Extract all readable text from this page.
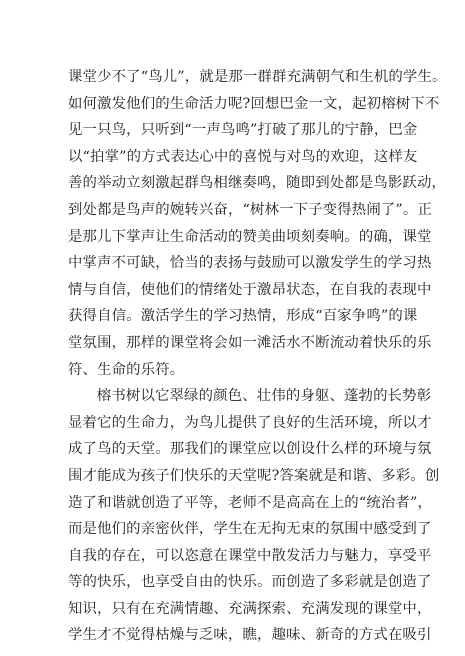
课堂少不了“鸟儿”，就是那一群群充满朝气和生机的学生。
如何激发他们的生命活力呢?回想巴金一文，起初榕树下不
见一只鸟，只听到“一声鸟鸣”打破了那儿的宁静，巴金
以“拍掌”的方式表达心中的喜悦与对鸟的欢迎，这样友
善的举动立刻激起群鸟相继奏鸣，随即到处都是鸟影跃动，
到处都是鸟声的婉转兴奋，“树林一下子变得热闹了”。正
是那儿下掌声让生命活动的赞美曲顷刻奏响。的确，课堂
中掌声不可缺，恰当的表扬与鼓励可以激发学生的学习热
情与自信，使他们的情绪处于激昂状态，在自我的表现中
获得自信。激活学生的学习热情，形成“百家争鸣”的课
堂氛围，那样的课堂将会如一滩活水不断流动着快乐的乐
符、生命的乐符。

榕书树以它翠绿的颜色、壮伟的身躯、蓬勃的长势彰
显着它的生命力，为鸟儿提供了良好的生活环境，所以才
成了鸟的天堂。那我们的课堂应以创设什么样的环境与氛
围才能成为孩子们快乐的天堂呢?答案就是和谐、多彩。创
造了和谐就创造了平等，老师不是高高在上的“统治者”，
而是他们的亲密伙伴，学生在无拘无束的氛围中感受到了
自我的存在，可以恣意在课堂中散发活力与魅力，享受平
等的快乐，也享受自由的快乐。而创造了多彩就是创造了
知识，只有在充满情趣、充满探索、充满发现的课堂中，
学生才不觉得枯燥与乏味，瞧，趣味、新奇的方式在吸引
